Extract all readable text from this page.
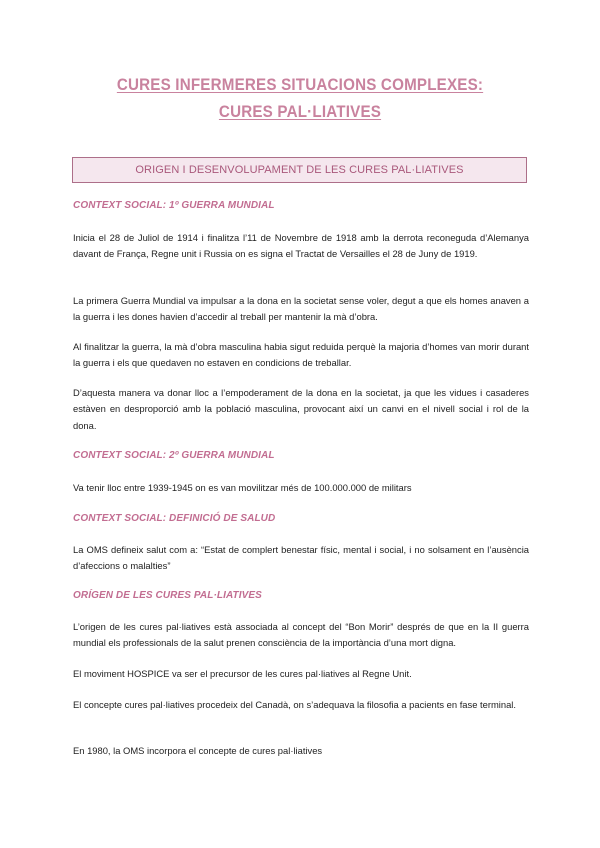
CURES INFERMERES SITUACIONS COMPLEXES:
CURES PAL·LIATIVES
ORIGEN I DESENVOLUPAMENT DE LES CURES PAL·LIATIVES
CONTEXT SOCIAL: 1º GUERRA MUNDIAL

Inicia el 28 de Juliol de 1914 i finalitza l’11 de Novembre de 1918 amb la derrota reconeguda d’Alemanya davant de França, Regne unit i Russia on es signa el Tractat de Versailles el 28 de Juny de 1919.

La primera Guerra Mundial va impulsar a la dona en la societat sense voler, degut a que els homes anaven a la guerra i les dones havien d’accedir al treball per mantenir la mà d’obra.

Al finalitzar la guerra, la mà d’obra masculina habia sigut reduida perquè la majoria d’homes van morir durant la guerra i els que quedaven no estaven en condicions de treballar.

D’aquesta manera va donar lloc a l’empoderament de la dona en la societat, ja que les vidues i casaderes estàven en desproporció amb la població masculina, provocant així un canvi en el nivell social i rol de la dona.

CONTEXT SOCIAL: 2º GUERRA MUNDIAL

Va tenir lloc entre 1939-1945 on es van movilitzar més de 100.000.000 de militars

CONTEXT SOCIAL: DEFINICIÓ DE SALUD

La OMS defineix salut com a: “Estat de complert benestar físic, mental i social, i no solsament en l’ausència d’afeccions o malalties”

ORÍGEN DE LES CURES PAL·LIATIVES

L’origen de les cures pal·liatives està associada al concept del “Bon Morir” després de que en la II guerra mundial els professionals de la salut prenen consciència de la importància d’una mort digna.

El moviment HOSPICE va ser el precursor de les cures pal·liatives al Regne Unit.

El concepte cures pal·liatives procedeix del Canadà, on s’adequava la filosofia a pacients en fase terminal.

En 1980, la OMS incorpora el concepte de cures pal·liatives
